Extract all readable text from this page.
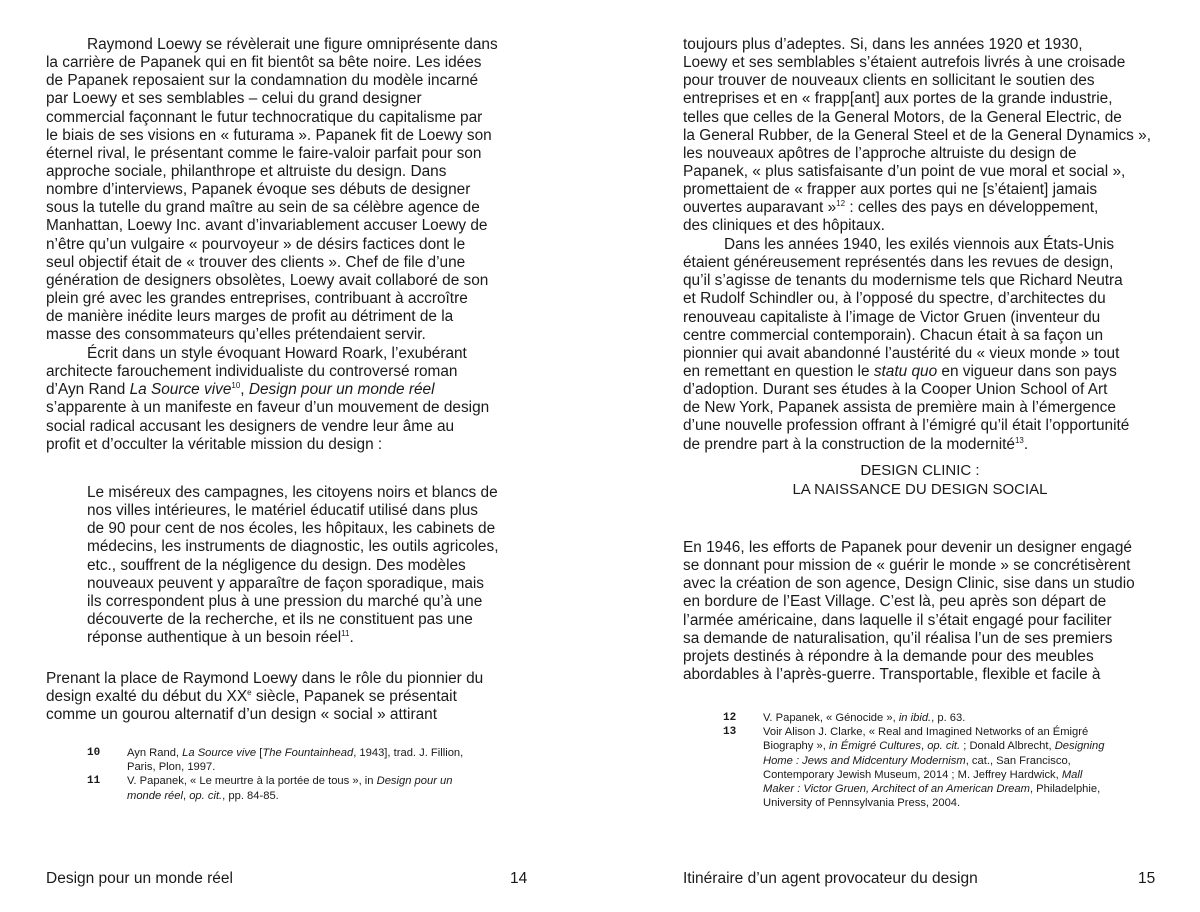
Raymond Loewy se révèlerait une figure omniprésente dans
la carrière de Papanek qui en fit bientôt sa bête noire. Les idées
de Papanek reposaient sur la condamnation du modèle incarné
par Loewy et ses semblables – celui du grand designer
commercial façonnant le futur technocratique du capitalisme par
le biais de ses visions en « futurama ». Papanek fit de Loewy son
éternel rival, le présentant comme le faire-valoir parfait pour son
approche sociale, philanthrope et altruiste du design. Dans
nombre d’interviews, Papanek évoque ses débuts de designer
sous la tutelle du grand maître au sein de sa célèbre agence de
Manhattan, Loewy Inc. avant d’invariablement accuser Loewy de
n’être qu’un vulgaire « pourvoyeur » de désirs factices dont le
seul objectif était de « trouver des clients ». Chef de file d’une
génération de designers obsolètes, Loewy avait collaboré de son
plein gré avec les grandes entreprises, contribuant à accroître
de manière inédite leurs marges de profit au détriment de la
masse des consommateurs qu’elles prétendaient servir.
Écrit dans un style évoquant Howard Roark, l’exubérant
architecte farouchement individualiste du controversé roman
d’Ayn Rand La Source vive$^{10}$, Design pour un monde réel
s’apparente à un manifeste en faveur d’un mouvement de design
social radical accusant les designers de vendre leur âme au
profit et d’occulter la véritable mission du design :
Le miséreux des campagnes, les citoyens noirs et blancs de
nos villes intérieures, le matériel éducatif utilisé dans plus
de 90 pour cent de nos écoles, les hôpitaux, les cabinets de
médecins, les instruments de diagnostic, les outils agricoles,
etc., souffrent de la négligence du design. Des modèles
nouveaux peuvent y apparaître de façon sporadique, mais
ils correspondent plus à une pression du marché qu’à une
découverte de la recherche, et ils ne constituent pas une
réponse authentique à un besoin réel$^{11}$.
Prenant la place de Raymond Loewy dans le rôle du pionnier du
design exalté du début du XXe siècle, Papanek se présentait
comme un gourou alternatif d’un design « social » attirant
10	Ayn Rand, La Source vive [The Fountainhead, 1943], trad. J. Fillion,
Paris, Plon, 1997.
11	V. Papanek, « Le meurtre à la portée de tous », in Design pour un
monde réel, op. cit., pp. 84-85.
Design pour un monde réel	14
toujours plus d’adeptes. Si, dans les années 1920 et 1930,
Loewy et ses semblables s’étaient autrefois livrés à une croisade
pour trouver de nouveaux clients en sollicitant le soutien des
entreprises et en « frapp[ant] aux portes de la grande industrie,
telles que celles de la General Motors, de la General Electric, de
la General Rubber, de la General Steel et de la General Dynamics »,
les nouveaux apôtres de l’approche altruiste du design de
Papanek, « plus satisfaisante d’un point de vue moral et social »,
promettaient de « frapper aux portes qui ne [s’étaient] jamais
ouvertes auparavant »$^{12}$ : celles des pays en développement,
des cliniques et des hôpitaux.
Dans les années 1940, les exilés viennois aux États-Unis
étaient généreusement représentés dans les revues de design,
qu’il s’agisse de tenants du modernisme tels que Richard Neutra
et Rudolf Schindler ou, à l’opposé du spectre, d’architectes du
renouveau capitaliste à l’image de Victor Gruen (inventeur du
centre commercial contemporain). Chacun était à sa façon un
pionnier qui avait abandonné l’austérité du « vieux monde » tout
en remettant en question le statu quo en vigueur dans son pays
d’adoption. Durant ses études à la Cooper Union School of Art
de New York, Papanek assista de première main à l’émergence
d’une nouvelle profession offrant à l’émigré qu’il était l’opportunité
de prendre part à la construction de la modernité$^{13}$.
DESIGN CLINIC :
LA NAISSANCE DU DESIGN SOCIAL
En 1946, les efforts de Papanek pour devenir un designer engagé
se donnant pour mission de « guérir le monde » se concrétisèrent
avec la création de son agence, Design Clinic, sise dans un studio
en bordure de l’East Village. C’est là, peu après son départ de
l’armée américaine, dans laquelle il s’était engagé pour faciliter
sa demande de naturalisation, qu’il réalisa l’un de ses premiers
projets destinés à répondre à la demande pour des meubles
abordables à l’après-guerre. Transportable, flexible et facile à
12	V. Papanek, « Génocide », in ibid., p. 63.
13	Voir Alison J. Clarke, « Real and Imagined Networks of an Émigré
Biography », in Émigré Cultures, op. cit. ; Donald Albrecht, Designing
Home : Jews and Midcentury Modernism, cat., San Francisco,
Contemporary Jewish Museum, 2014 ; M. Jeffrey Hardwick, Mall
Maker : Victor Gruen, Architect of an American Dream, Philadelphie,
University of Pennsylvania Press, 2004.
Itinéraire d’un agent provocateur du design	15
